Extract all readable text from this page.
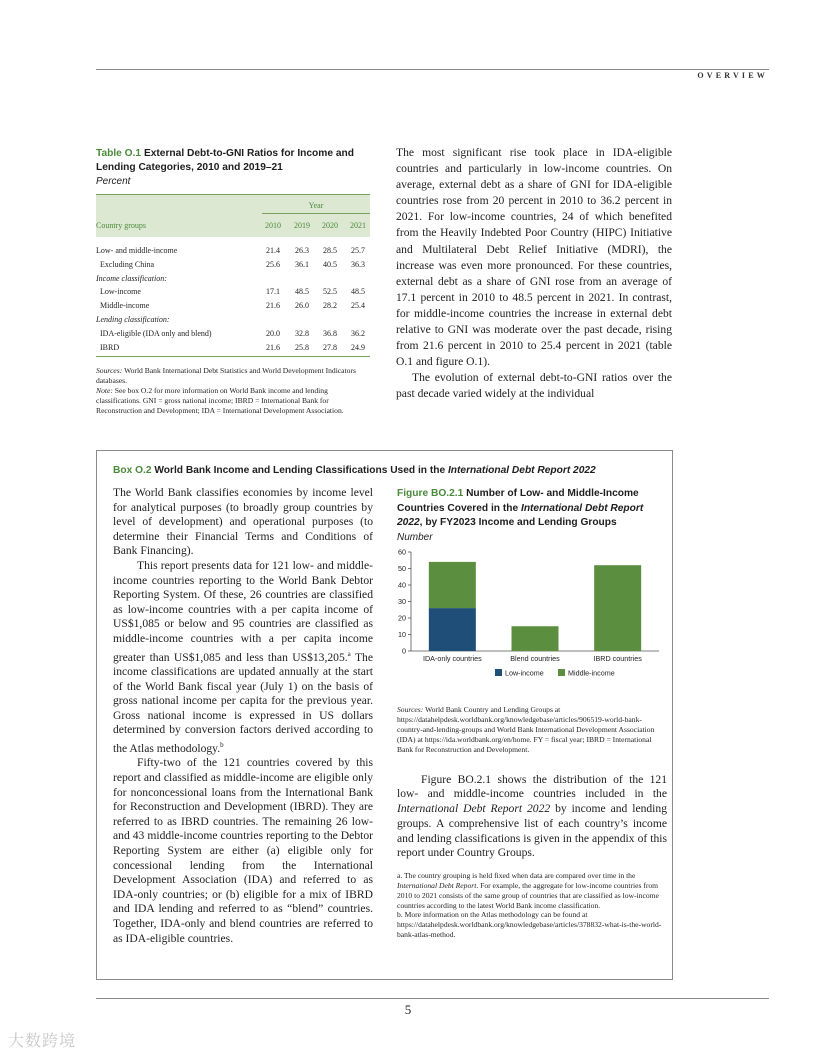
OVERVIEW
Table O.1 External Debt-to-GNI Ratios for Income and Lending Categories, 2010 and 2019–21
Percent
Year
Country groups	2010	2019	2020	2021
Low- and middle-income	21.4	26.3	28.5	25.7
Excluding China	25.6	36.1	40.5	36.3
Income classification:
Low-income	17.1	48.5	52.5	48.5
Middle-income	21.6	26.0	28.2	25.4
Lending classification:
IDA-eligible (IDA only and blend)	20.0	32.8	36.8	36.2
IBRD	21.6	25.8	27.8	24.9
Sources: World Bank International Debt Statistics and World Development Indicators databases.
Note: See box O.2 for more information on World Bank income and lending classifications. GNI = gross national income; IBRD = International Bank for Reconstruction and Development; IDA = International Development Association.

The most significant rise took place in IDA-eligible countries and particularly in low-income countries. On average, external debt as a share of GNI for IDA-eligible countries rose from 20 percent in 2010 to 36.2 percent in 2021. For low-income countries, 24 of which benefited from the Heavily Indebted Poor Country (HIPC) Initiative and Multilateral Debt Relief Initiative (MDRI), the increase was even more pronounced. For these countries, external debt as a share of GNI rose from an average of 17.1 percent in 2010 to 48.5 percent in 2021. In contrast, for middle-income countries the increase in external debt relative to GNI was moderate over the past decade, rising from 21.6 percent in 2010 to 25.4 percent in 2021 (table O.1 and figure O.1).

The evolution of external debt-to-GNI ratios over the past decade varied widely at the individual

Box O.2 World Bank Income and Lending Classifications Used in the International Debt Report 2022

The World Bank classifies economies by income level for analytical purposes (to broadly group countries by level of development) and operational purposes (to determine their Financial Terms and Conditions of Bank Financing).

This report presents data for 121 low- and middle-income countries reporting to the World Bank Debtor Reporting System. Of these, 26 countries are classified as low-income countries with a per capita income of US$1,085 or below and 95 countries are classified as middle-income countries with a per capita income greater than US$1,085 and less than US$13,205.$^a$ The income classifications are updated annually at the start of the World Bank fiscal year (July 1) on the basis of gross national income per capita for the previous year. Gross national income is expressed in US dollars determined by conversion factors derived according to the Atlas methodology.$^b$

Fifty-two of the 121 countries covered by this report and classified as middle-income are eligible only for nonconcessional loans from the International Bank for Reconstruction and Development (IBRD). They are referred to as IBRD countries. The remaining 26 low- and 43 middle-income countries reporting to the Debtor Reporting System are either (a) eligible only for concessional lending from the International Development Association (IDA) and referred to as IDA-only countries; or (b) eligible for a mix of IBRD and IDA lending and referred to as “blend” countries. Together, IDA-only and blend countries are referred to as IDA-eligible countries.

Figure BO.2.1 Number of Low- and Middle-Income Countries Covered in the International Debt Report 2022, by FY2023 Income and Lending Groups
Number
0
10
20
30
40
50
60
IDA-only countries	Blend countries	IBRD countries
Low-income	Middle-income
Sources: World Bank Country and Lending Groups at https://datahelpdesk.worldbank.org/knowledgebase/articles/906519-world-bank-country-and-lending-groups and World Bank International Development Association (IDA) at https://ida.worldbank.org/en/home. FY = fiscal year; IBRD = International Bank for Reconstruction and Development.
Figure BO.2.1 shows the distribution of the 121 low- and middle-income countries included in the International Debt Report 2022 by income and lending groups. A comprehensive list of each country’s income and lending classifications is given in the appendix of this report under Country Groups.
a. The country grouping is held fixed when data are compared over time in the International Debt Report. For example, the aggregate for low-income countries from 2010 to 2021 consists of the same group of countries that are classified as low-income countries according to the latest World Bank income classification.
b. More information on the Atlas methodology can be found at https://datahelpdesk.worldbank.org/knowledgebase/articles/378832-what-is-the-world-bank-atlas-method.
5
大数跨境
